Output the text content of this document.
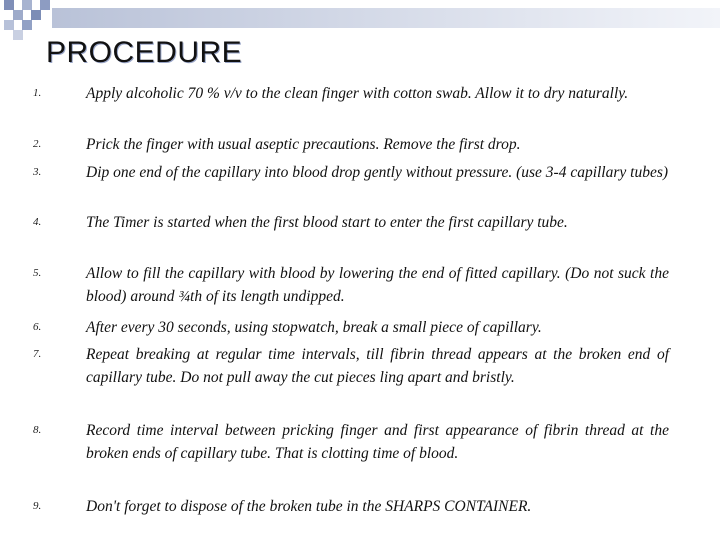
PROCEDURE
1.	Apply alcoholic 70 % v/v to the clean finger with cotton swab. Allow it to dry naturally.
2.	Prick the finger with usual aseptic precautions. Remove the first drop.
3.	Dip one end of the capillary into blood drop gently without pressure. (use 3-4 capillary tubes)
4.	The Timer is started when the first blood start to enter the first capillary tube.
5.	Allow to fill the capillary with blood by lowering the end of fitted capillary. (Do not suck the blood) around ¾th of its length undipped.
6.	After every 30 seconds, using stopwatch, break a small piece of capillary.
7.	Repeat breaking at regular time intervals, till fibrin thread appears at the broken end of capillary tube. Do not pull away the cut pieces ling apart and bristly.
8.	Record time interval between pricking finger and first appearance of fibrin thread at the broken ends of capillary tube. That is clotting time of blood.
9.	Don't forget to dispose of the broken tube in the SHARPS CONTAINER.
